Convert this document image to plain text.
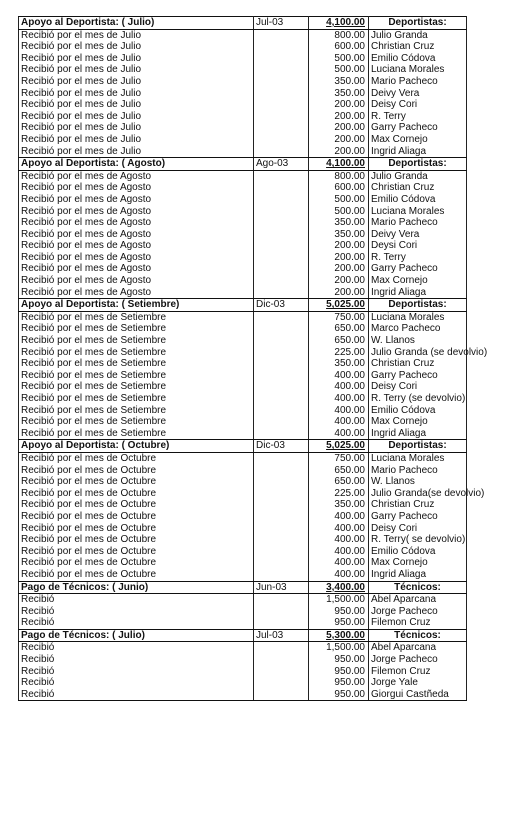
Apoyo al Deportista: ( Julio)	Jul-03	4,100.00	Deportistas:
Recibió por el mes de Julio		800.00	Julio Granda
Recibió por el mes de Julio		600.00	Christian Cruz
Recibió por el mes de Julio		500.00	Emilio Códova
Recibió por el mes de Julio		500.00	Luciana Morales
Recibió por el mes de Julio		350.00	Mario Pacheco
Recibió por el mes de Julio		350.00	Deivy Vera
Recibió por el mes de Julio		200.00	Deisy Cori
Recibió por el mes de Julio		200.00	R. Terry
Recibió por el mes de Julio		200.00	Garry Pacheco
Recibió por el mes de Julio		200.00	Max Cornejo
Recibió por el mes de Julio		200.00	Ingrid Aliaga
Apoyo al Deportista: ( Agosto)	Ago-03	4,100.00	Deportistas:
Recibió por el mes de Agosto		800.00	Julio Granda
Recibió por el mes de Agosto		600.00	Christian Cruz
Recibió por el mes de Agosto		500.00	Emilio Códova
Recibió por el mes de Agosto		500.00	Luciana Morales
Recibió por el mes de Agosto		350.00	Mario Pacheco
Recibió por el mes de Agosto		350.00	Deivy Vera
Recibió por el mes de Agosto		200.00	Deysi Cori
Recibió por el mes de Agosto		200.00	R. Terry
Recibió por el mes de Agosto		200.00	Garry Pacheco
Recibió por el mes de Agosto		200.00	Max Cornejo
Recibió por el mes de Agosto		200.00	Ingrid Aliaga
Apoyo al Deportista: ( Setiembre)	Dic-03	5,025.00	Deportistas:
Recibió por el mes de Setiembre		750.00	Luciana Morales
Recibió por el mes de Setiembre		650.00	Marco Pacheco
Recibió por el mes de Setiembre		650.00	W. Llanos
Recibió por el mes de Setiembre		225.00	Julio Granda (se devolvio)
Recibió por el mes de Setiembre		350.00	Christian Cruz
Recibió por el mes de Setiembre		400.00	Garry Pacheco
Recibió por el mes de Setiembre		400.00	Deisy Cori
Recibió por el mes de Setiembre		400.00	R. Terry (se devolvio)
Recibió por el mes de Setiembre		400.00	Emilio Códova
Recibió por el mes de Setiembre		400.00	Max Cornejo
Recibió por el mes de Setiembre		400.00	Ingrid Aliaga
Apoyo al Deportista: ( Octubre)	Dic-03	5,025.00	Deportistas:
Recibió por el mes de Octubre		750.00	Luciana Morales
Recibió por el mes de Octubre		650.00	Mario Pacheco
Recibió por el mes de Octubre		650.00	W. Llanos
Recibió por el mes de Octubre		225.00	Julio Granda(se devolvio)
Recibió por el mes de Octubre		350.00	Christian Cruz
Recibió por el mes de Octubre		400.00	Garry Pacheco
Recibió por el mes de Octubre		400.00	Deisy Cori
Recibió por el mes de Octubre		400.00	R. Terry( se devolvio)
Recibió por el mes de Octubre		400.00	Emilio Códova
Recibió por el mes de Octubre		400.00	Max Cornejo
Recibió por el mes de Octubre		400.00	Ingrid Aliaga
Pago de Técnicos: ( Junio)	Jun-03	3,400.00	Técnicos:
Recibió		1,500.00	Abel Aparcana
Recibió		950.00	Jorge Pacheco
Recibió		950.00	Filemon Cruz
Pago de Técnicos: ( Julio)	Jul-03	5,300.00	Técnicos:
Recibió		1,500.00	Abel Aparcana
Recibió		950.00	Jorge Pacheco
Recibió		950.00	Filemon Cruz
Recibió		950.00	Jorge Yale
Recibió		950.00	Giorgui Castñeda
